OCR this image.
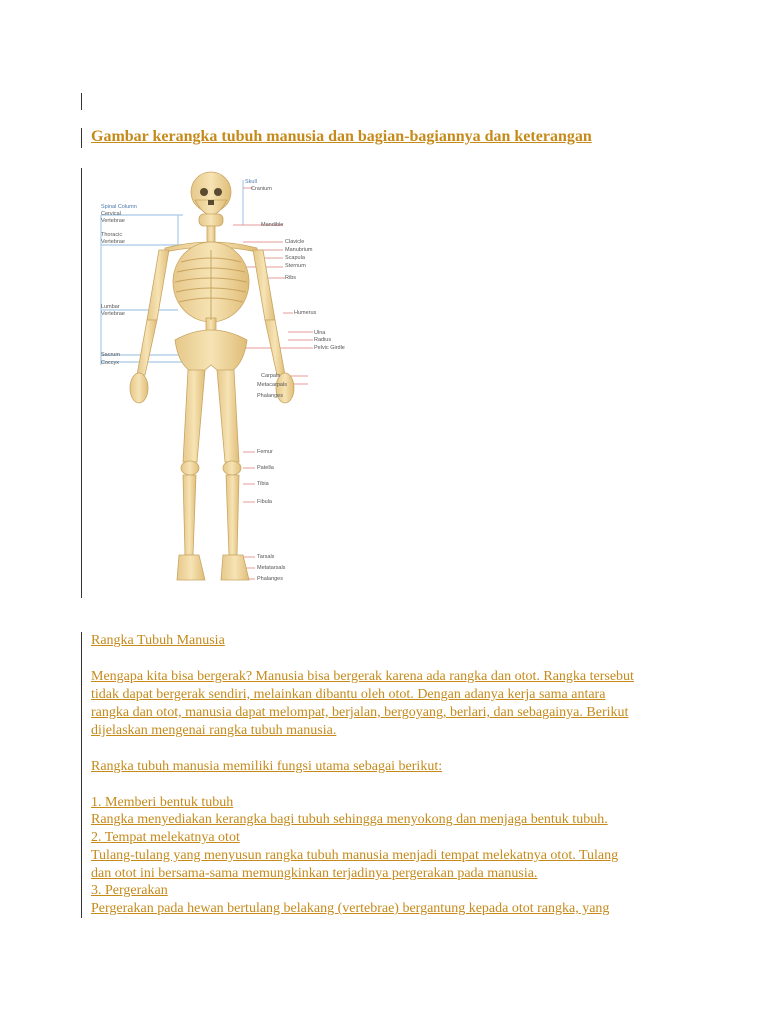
Gambar kerangka tubuh manusia dan bagian-bagiannya dan keterangan
Skull
Cranium
Spinal Column
Cervical
Vertebrae
Mandible
Thoracic
Vertebrae	Clavicle
Manubrium
Scapula
Sternum
Ribs
Lumbar
Vertebrae	Humerus
Ulna
Radius
Pelvic Girdle
Sacrum
Coccyx
Carpals
Metacarpals
Phalanges
Femur
Patella
Tibia
Fibula
Tarsals
Metatarsals
Phalanges
Rangka Tubuh Manusia
Mengapa kita bisa bergerak? Manusia bisa bergerak karena ada rangka dan otot. Rangka tersebut
tidak dapat bergerak sendiri, melainkan dibantu oleh otot. Dengan adanya kerja sama antara
rangka dan otot, manusia dapat melompat, berjalan, bergoyang, berlari, dan sebagainya. Berikut
dijelaskan mengenai rangka tubuh manusia.
Rangka tubuh manusia memiliki fungsi utama sebagai berikut:
1. Memberi bentuk tubuh
Rangka menyediakan kerangka bagi tubuh sehingga menyokong dan menjaga bentuk tubuh.
2. Tempat melekatnya otot
Tulang-tulang yang menyusun rangka tubuh manusia menjadi tempat melekatnya otot. Tulang
dan otot ini bersama-sama memungkinkan terjadinya pergerakan pada manusia.
3. Pergerakan
Pergerakan pada hewan bertulang belakang (vertebrae) bergantung kepada otot rangka, yang
